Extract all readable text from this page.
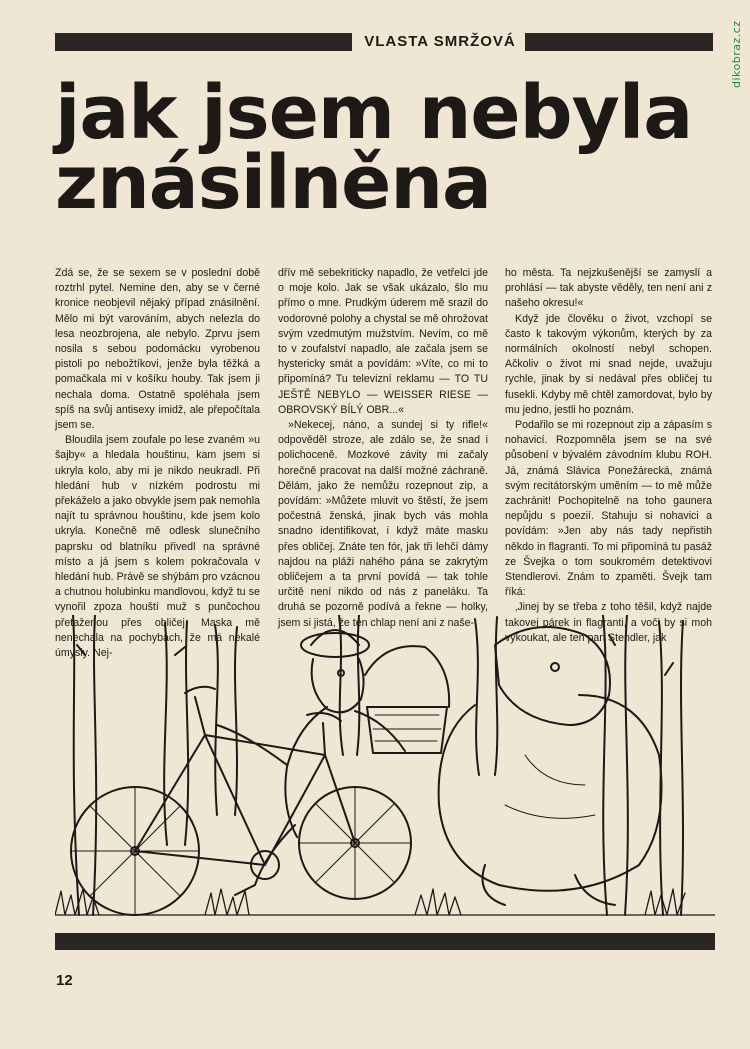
dikobraz.cz
VLASTA SMRŽOVÁ
jak jsem nebyla
znásilněna

Zdá se, že se sexem se v poslední době roztrhl pytel. Nemine den, aby se v černé kronice neobjevil nějaký případ znásilnění. Mělo mi být varováním, abych nelezla do lesa neozbrojena, ale nebylo. Zprvu jsem nosila s sebou podomácku vyrobenou pistoli po nebožtíkovi, jenže byla těžká a pomačkala mi v košíku houby. Tak jsem ji nechala doma. Ostatně spoléhala jsem spíš na svůj antisexy imidž, ale přepočítala jsem se.

Bloudila jsem zoufale po lese zvaném »u šajby« a hledala houštinu, kam jsem si ukryla kolo, aby mi je nikdo neukradl. Při hledání hub v nízkém podrostu mi překáželo a jako obvykle jsem pak nemohla najít tu správnou houštinu, kde jsem kolo ukryla. Konečně mě odlesk slunečního paprsku od blatníku přivedl na správné místo a já jsem s kolem pokračovala v hledání hub. Právě se shýbám pro vzácnou a chutnou holubinku mandlovou, když tu se vynořil zpoza houští muž s punčochou přetaženou přes obličej. Maska mě nenechala na pochybách, že má nekalé úmysly. Nej-

dřív mě sebekriticky napadlo, že vetřelci jde o moje kolo. Jak se však ukázalo, šlo mu přímo o mne. Prudkým úderem mě srazil do vodorovné polohy a chystal se mě ohrožovat svým vzedmutým mužstvím. Nevím, co mě to v zoufalství napadlo, ale začala jsem se hystericky smát a povídám: »Víte, co mi to připomíná? Tu televizní reklamu — TO TU JEŠTĚ NEBYLO — WEISSER RIESE — OBROVSKÝ BÍLÝ OBR...«

»Nekecej, náno, a sundej si ty rifle!« odpověděl stroze, ale zdálo se, že snad i polichoceně. Mozkové závity mi začaly horečně pracovat na další možné záchraně. Dělám, jako že nemůžu rozepnout zip, a povídám: »Můžete mluvit vo štěstí, že jsem počestná ženská, jinak bych vás mohla snadno identifikovat, i když máte masku přes obličej. Znáte ten fór, jak tři lehčí dámy najdou na pláži nahého pána se zakrytým obličejem a ta první povídá — tak tohle určitě není nikdo od nás z paneláku. Ta druhá se pozorně podívá a řekne — holky, jsem si jistá, že ten chlap není ani z naše-

ho města. Ta nejzkušenější se zamyslí a prohlásí — tak abyste věděly, ten není ani z našeho okresu!«

Když jde člověku o život, vzchopí se často k takovým výkonům, kterých by za normálních okolností nebyl schopen. Ačkoliv o život mi snad nejde, uvažuju rychle, jinak by si nedával přes obličej tu fusekli. Kdyby mě chtěl zamordovat, bylo by mu jedno, jestli ho poznám.

Podařilo se mi rozepnout zip a zápasím s nohavicí. Rozpomněla jsem se na své působení v bývalém závodním klubu ROH. Já, známá Slávica Ponežárecká, známá svým recitátorským uměním — to mě může zachránit! Pochopitelně na toho gaunera nepůjdu s poezií. Stahuju si nohavici a povídám: »Jen aby nás tady nepřistih někdo in flagranti. To mi připomíná tu pasáž ze Švejka o tom soukromém detektivovi Stendlerovi. Znám to zpaměti. Švejk tam říká:

‚Jinej by se třeba z toho těšil, když najde takovej párek in flagranti, a voči by si moh vykoukat, ale ten pan Stendler, jak

12
